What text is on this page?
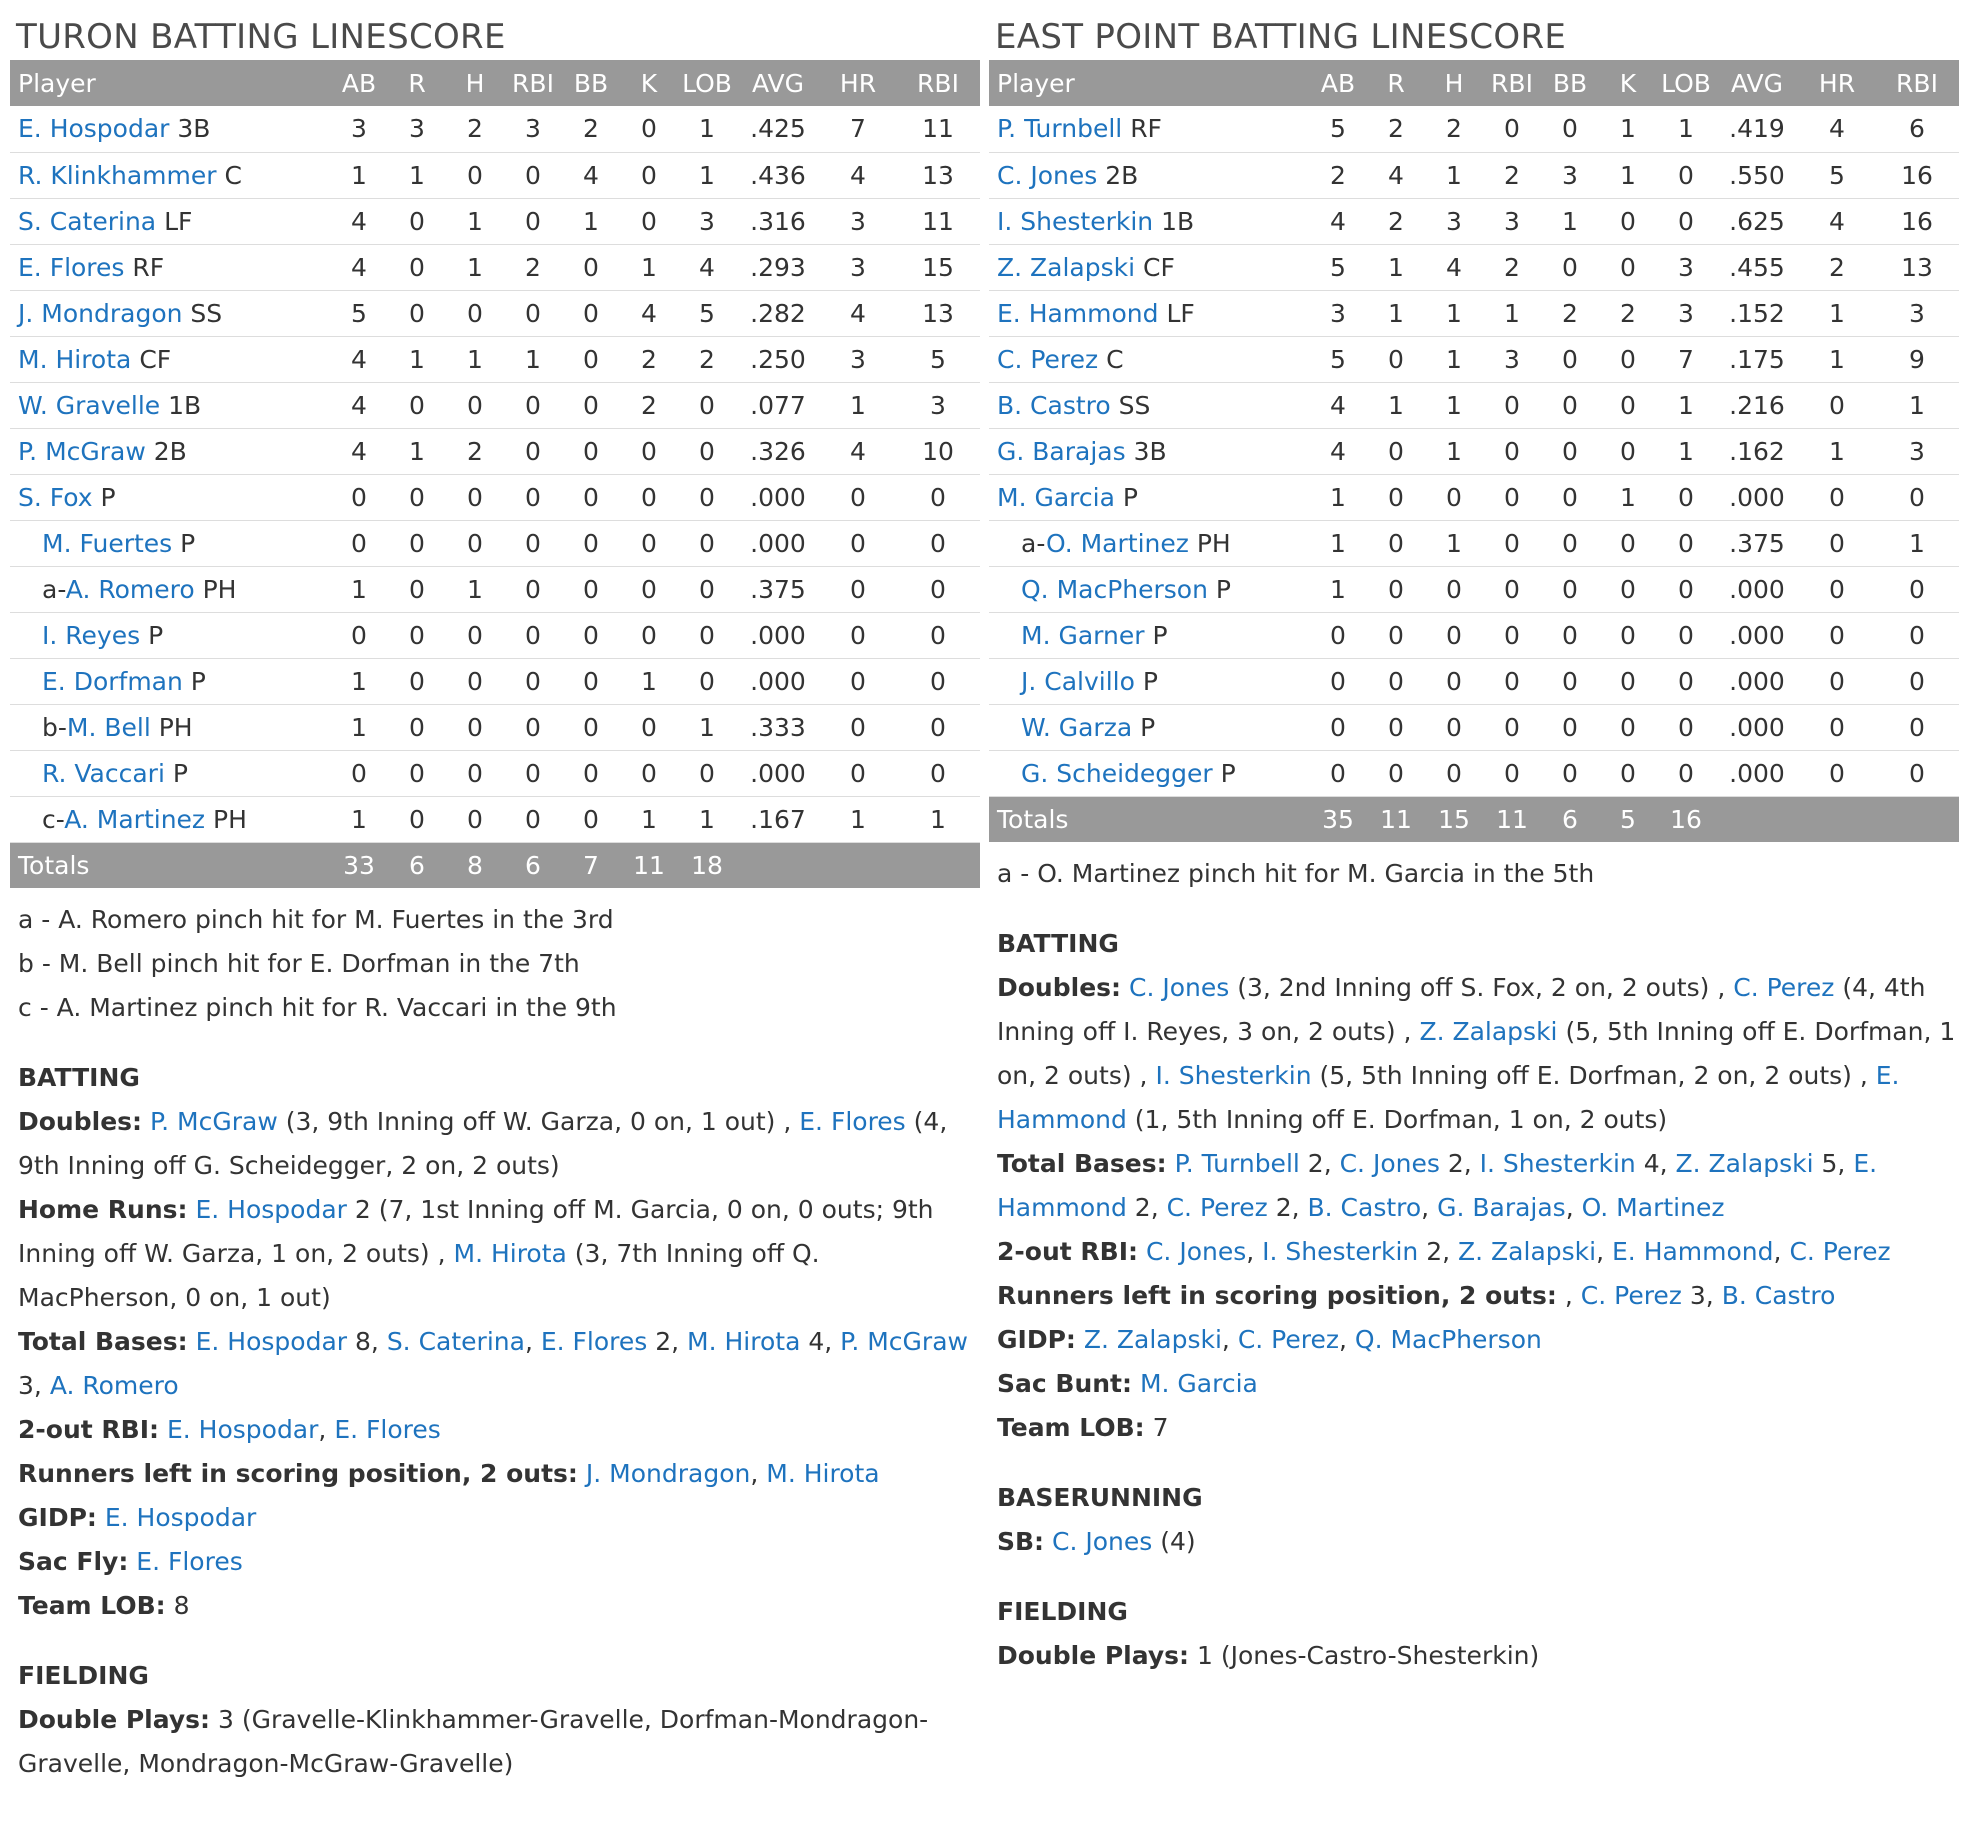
TURON BATTING LINESCORE
Player	AB	R	H	RBI	BB	K	LOB	AVG	HR	RBI
E. Hospodar 3B	3	3	2	3	2	0	1	.425	7	11
R. Klinkhammer C	1	1	0	0	4	0	1	.436	4	13
S. Caterina LF	4	0	1	0	1	0	3	.316	3	11
E. Flores RF	4	0	1	2	0	1	4	.293	3	15
J. Mondragon SS	5	0	0	0	0	4	5	.282	4	13
M. Hirota CF	4	1	1	1	0	2	2	.250	3	5
W. Gravelle 1B	4	0	0	0	0	2	0	.077	1	3
P. McGraw 2B	4	1	2	0	0	0	0	.326	4	10
S. Fox P	0	0	0	0	0	0	0	.000	0	0
M. Fuertes P	0	0	0	0	0	0	0	.000	0	0
a-A. Romero PH	1	0	1	0	0	0	0	.375	0	0
I. Reyes P	0	0	0	0	0	0	0	.000	0	0
E. Dorfman P	1	0	0	0	0	1	0	.000	0	0
b-M. Bell PH	1	0	0	0	0	0	1	.333	0	0
R. Vaccari P	0	0	0	0	0	0	0	.000	0	0
c-A. Martinez PH	1	0	0	0	0	1	1	.167	1	1
Totals	33	6	8	6	7	11	18			
a - A. Romero pinch hit for M. Fuertes in the 3rd
b - M. Bell pinch hit for E. Dorfman in the 7th
c - A. Martinez pinch hit for R. Vaccari in the 9th
BATTING
Doubles: P. McGraw (3, 9th Inning off W. Garza, 0 on, 1 out) , E. Flores (4, 9th Inning off G. Scheidegger, 2 on, 2 outs)
Home Runs: E. Hospodar 2 (7, 1st Inning off M. Garcia, 0 on, 0 outs; 9th Inning off W. Garza, 1 on, 2 outs) , M. Hirota (3, 7th Inning off Q. MacPherson, 0 on, 1 out)
Total Bases: E. Hospodar 8, S. Caterina, E. Flores 2, M. Hirota 4, P. McGraw 3, A. Romero
2-out RBI: E. Hospodar, E. Flores
Runners left in scoring position, 2 outs: J. Mondragon, M. Hirota
GIDP: E. Hospodar
Sac Fly: E. Flores
Team LOB: 8
FIELDING
Double Plays: 3 (Gravelle-Klinkhammer-Gravelle, Dorfman-Mondragon-Gravelle, Mondragon-McGraw-Gravelle)
EAST POINT BATTING LINESCORE
Player	AB	R	H	RBI	BB	K	LOB	AVG	HR	RBI
P. Turnbell RF	5	2	2	0	0	1	1	.419	4	6
C. Jones 2B	2	4	1	2	3	1	0	.550	5	16
I. Shesterkin 1B	4	2	3	3	1	0	0	.625	4	16
Z. Zalapski CF	5	1	4	2	0	0	3	.455	2	13
E. Hammond LF	3	1	1	1	2	2	3	.152	1	3
C. Perez C	5	0	1	3	0	0	7	.175	1	9
B. Castro SS	4	1	1	0	0	0	1	.216	0	1
G. Barajas 3B	4	0	1	0	0	0	1	.162	1	3
M. Garcia P	1	0	0	0	0	1	0	.000	0	0
a-O. Martinez PH	1	0	1	0	0	0	0	.375	0	1
Q. MacPherson P	1	0	0	0	0	0	0	.000	0	0
M. Garner P	0	0	0	0	0	0	0	.000	0	0
J. Calvillo P	0	0	0	0	0	0	0	.000	0	0
W. Garza P	0	0	0	0	0	0	0	.000	0	0
G. Scheidegger P	0	0	0	0	0	0	0	.000	0	0
Totals	35	11	15	11	6	5	16			
a - O. Martinez pinch hit for M. Garcia in the 5th
BATTING
Doubles: C. Jones (3, 2nd Inning off S. Fox, 2 on, 2 outs) , C. Perez (4, 4th Inning off I. Reyes, 3 on, 2 outs) , Z. Zalapski (5, 5th Inning off E. Dorfman, 1 on, 2 outs) , I. Shesterkin (5, 5th Inning off E. Dorfman, 2 on, 2 outs) , E. Hammond (1, 5th Inning off E. Dorfman, 1 on, 2 outs)
Total Bases: P. Turnbell 2, C. Jones 2, I. Shesterkin 4, Z. Zalapski 5, E. Hammond 2, C. Perez 2, B. Castro, G. Barajas, O. Martinez
2-out RBI: C. Jones, I. Shesterkin 2, Z. Zalapski, E. Hammond, C. Perez
Runners left in scoring position, 2 outs: , C. Perez 3, B. Castro
GIDP: Z. Zalapski, C. Perez, Q. MacPherson
Sac Bunt: M. Garcia
Team LOB: 7
BASERUNNING
SB: C. Jones (4)
FIELDING
Double Plays: 1 (Jones-Castro-Shesterkin)
